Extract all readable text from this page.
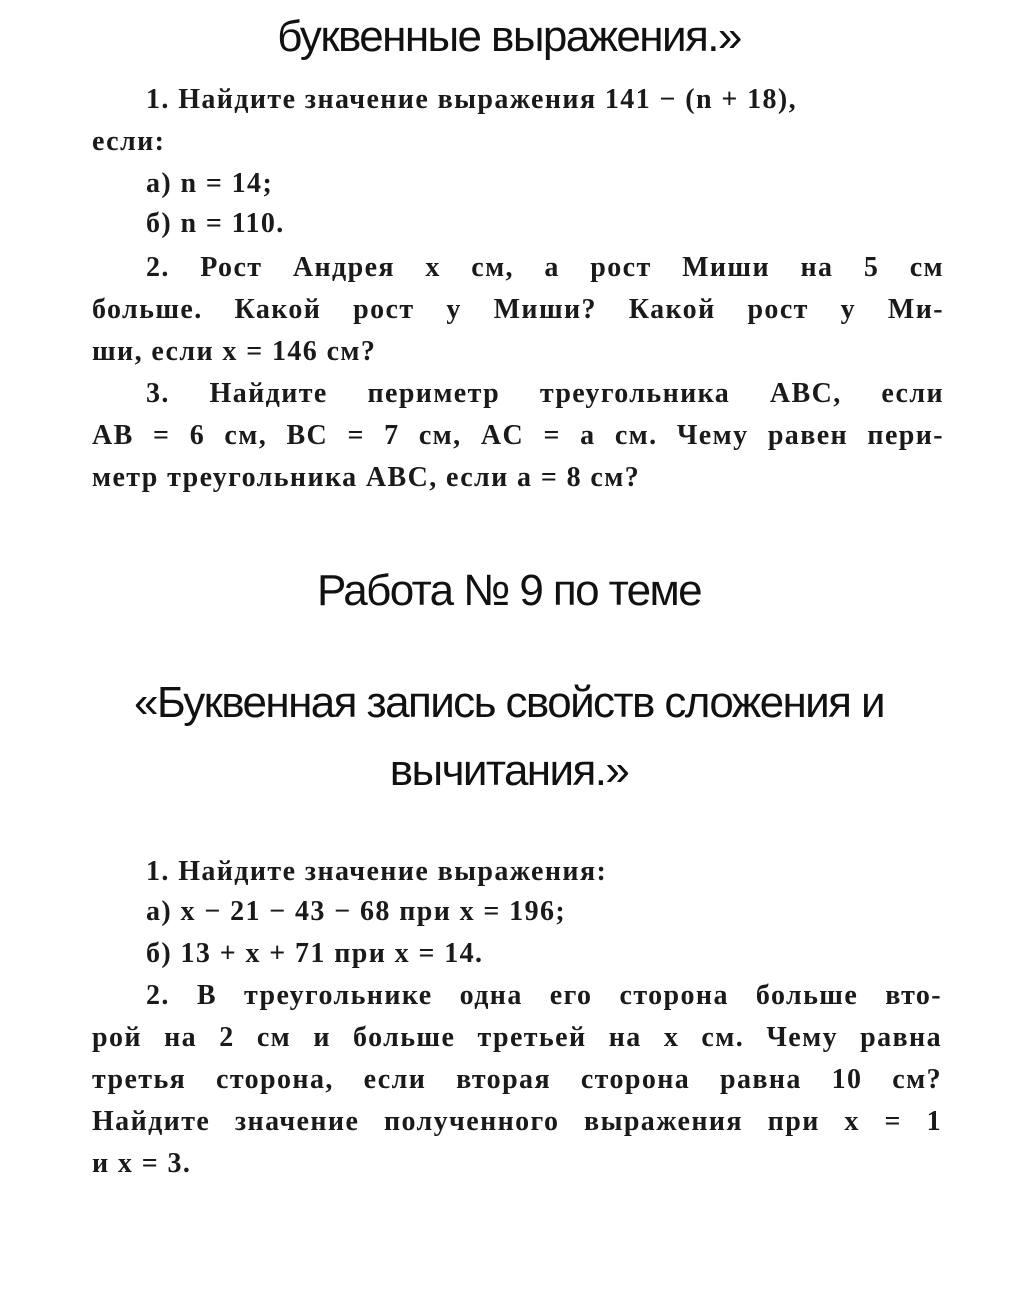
буквенные выражения.»
1. Найдите значение выражения 141 − (n + 18),
если:
а) n = 14;
б) n = 110.
2. Рост Андрея x см, а рост Миши на 5 см
больше. Какой рост у Миши? Какой рост у Ми-
ши, если x = 146 см?
3. Найдите периметр треугольника ABC, если
AB = 6 см, BC = 7 см, AC = a см. Чему равен пери-
метр треугольника ABC, если a = 8 см?
Работа № 9 по теме
«Буквенная запись свойств сложения и
вычитания.»
1. Найдите значение выражения:
а) x − 21 − 43 − 68 при x = 196;
б) 13 + x + 71 при x = 14.
2. В треугольнике одна его сторона больше вто-
рой на 2 см и больше третьей на x см. Чему равна
третья сторона, если вторая сторона равна 10 см?
Найдите значение полученного выражения при x = 1
и x = 3.
